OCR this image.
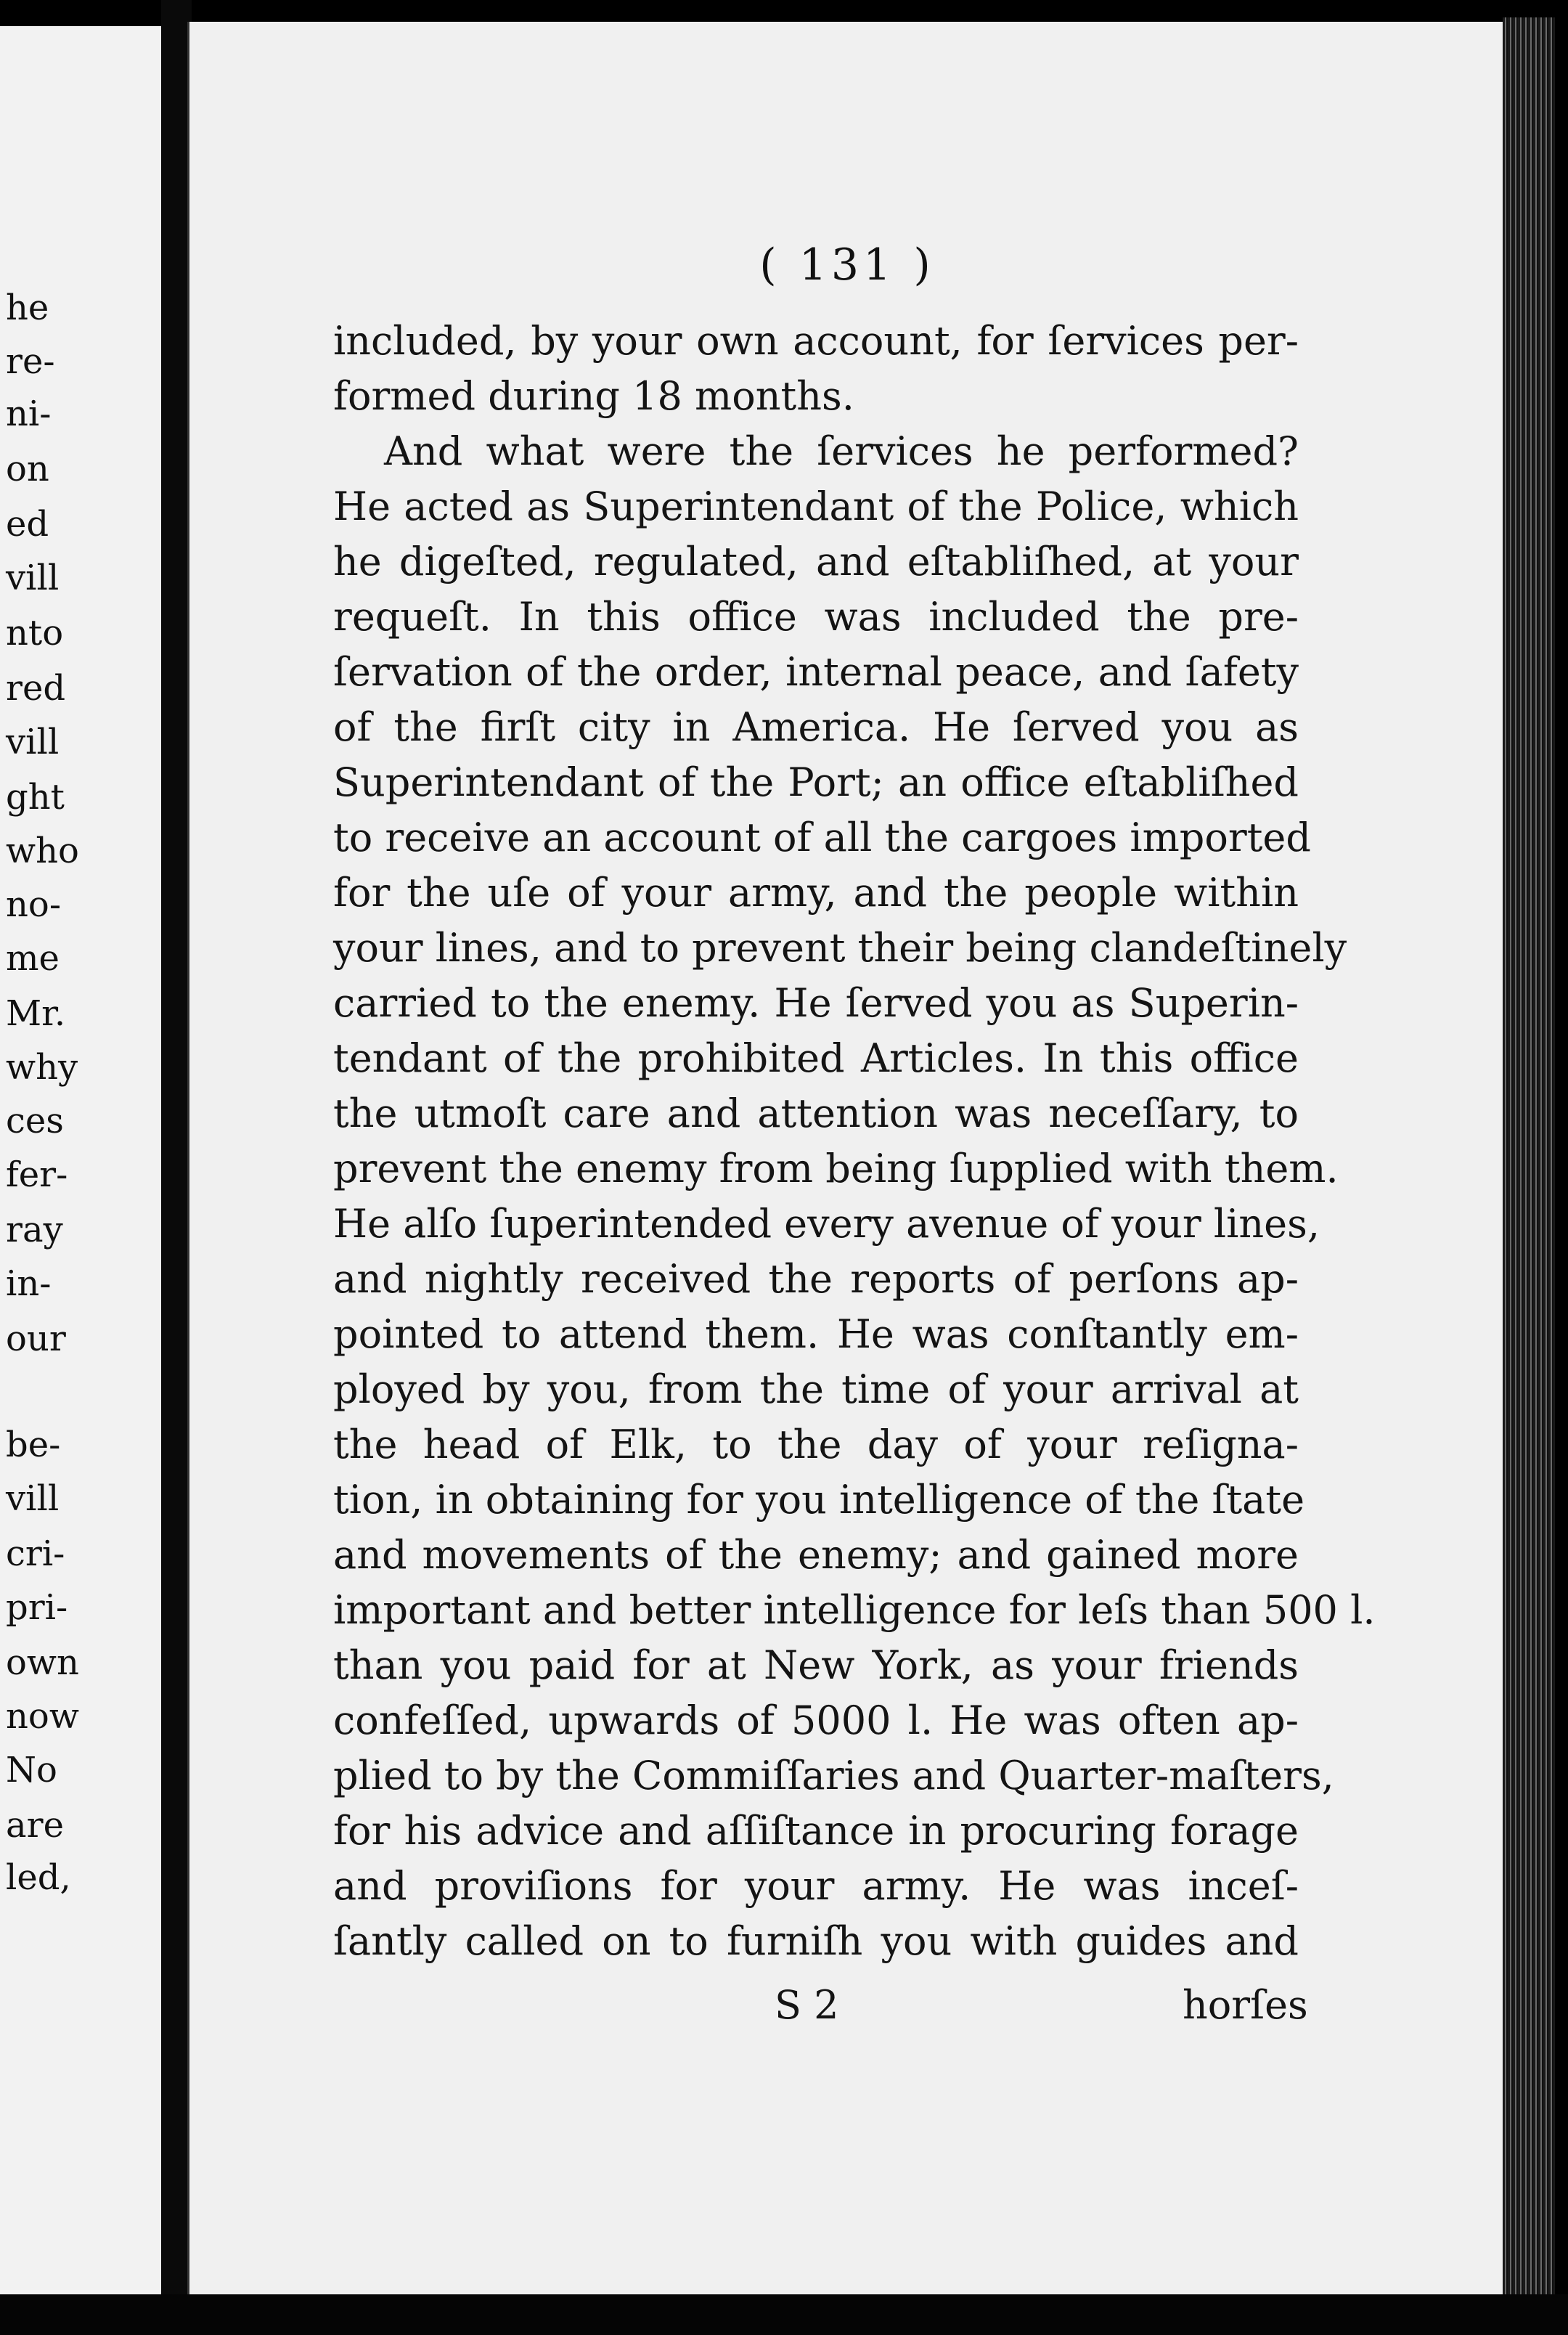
he
re-
ni-
on
ed
vill
nto
red
vill
ght
who
no-
me
Mr.
why
ces
fer-
ray
in-
our
be-
vill
cri-
pri-
own
now
No
are
led,
( 131 )
included, by your own account, for ſervices per-
formed during 18 months.
And what were the ſervices he performed?
He acted as Superintendant of the Police, which
he digeſted, regulated, and eſtabliſhed, at your
requeſt. In this office was included the pre-
ſervation of the order, internal peace, and ſafety
of the firſt city in America. He ſerved you as
Superintendant of the Port; an office eſtabliſhed
to receive an account of all the cargoes imported
for the uſe of your army, and the people within
your lines, and to prevent their being clandeſtinely
carried to the enemy. He ſerved you as Superin-
tendant of the prohibited Articles. In this office
the utmoſt care and attention was neceſſary, to
prevent the enemy from being ſupplied with them.
He alſo ſuperintended every avenue of your lines,
and nightly received the reports of perſons ap-
pointed to attend them. He was conſtantly em-
ployed by you, from the time of your arrival at
the head of Elk, to the day of your reſigna-
tion, in obtaining for you intelligence of the ſtate
and movements of the enemy; and gained more
important and better intelligence for leſs than 500 l.
than you paid for at New York, as your friends
confeſſed, upwards of 5000 l. He was often ap-
plied to by the Commiſſaries and Quarter-maſters,
for his advice and aſſiſtance in procuring forage
and proviſions for your army. He was inceſ-
ſantly called on to furniſh you with guides and
S 2	horſes
